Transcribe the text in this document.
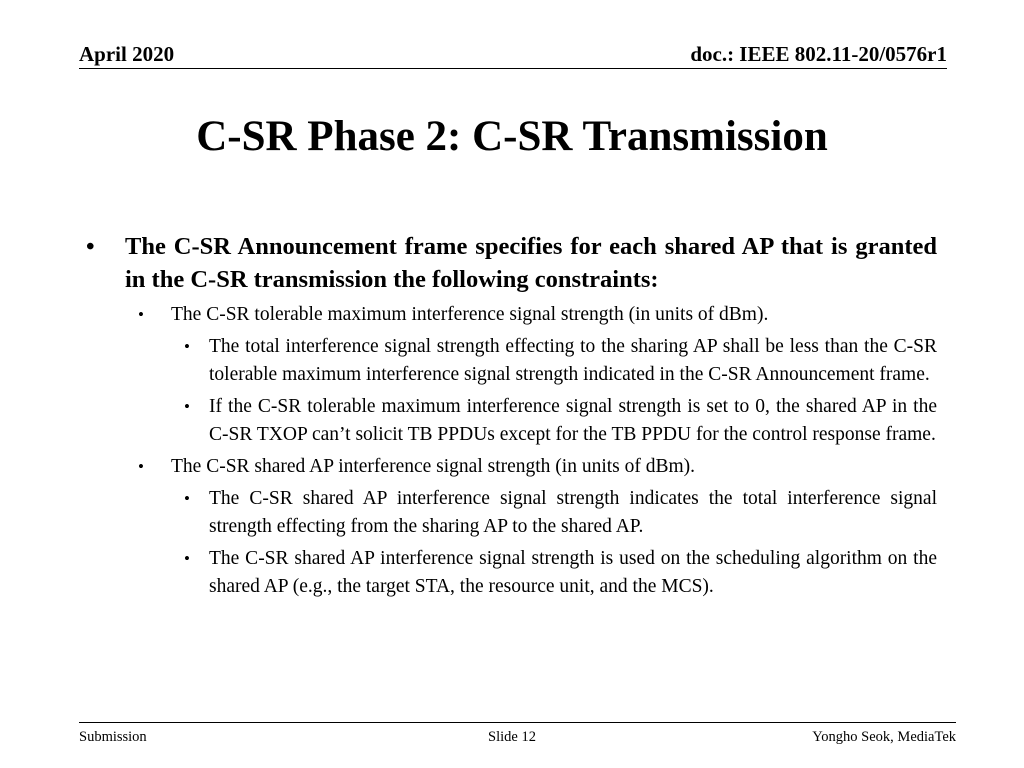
April 2020	doc.: IEEE 802.11-20/0576r1
C-SR Phase 2: C-SR Transmission
• The C-SR Announcement frame specifies for each shared AP that is granted in the C-SR transmission the following constraints:
• The C-SR tolerable maximum interference signal strength (in units of dBm).
• The total interference signal strength effecting to the sharing AP shall be less than the C-SR tolerable maximum interference signal strength indicated in the C-SR Announcement frame.
• If the C-SR tolerable maximum interference signal strength is set to 0, the shared AP in the C-SR TXOP can’t solicit TB PPDUs except for the TB PPDU for the control response frame.
• The C-SR shared AP interference signal strength (in units of dBm).
• The C-SR shared AP interference signal strength indicates the total interference signal strength effecting from the sharing AP to the shared AP.
• The C-SR shared AP interference signal strength is used on the scheduling algorithm on the shared AP (e.g., the target STA, the resource unit, and the MCS).
Submission	Slide 12	Yongho Seok, MediaTek
